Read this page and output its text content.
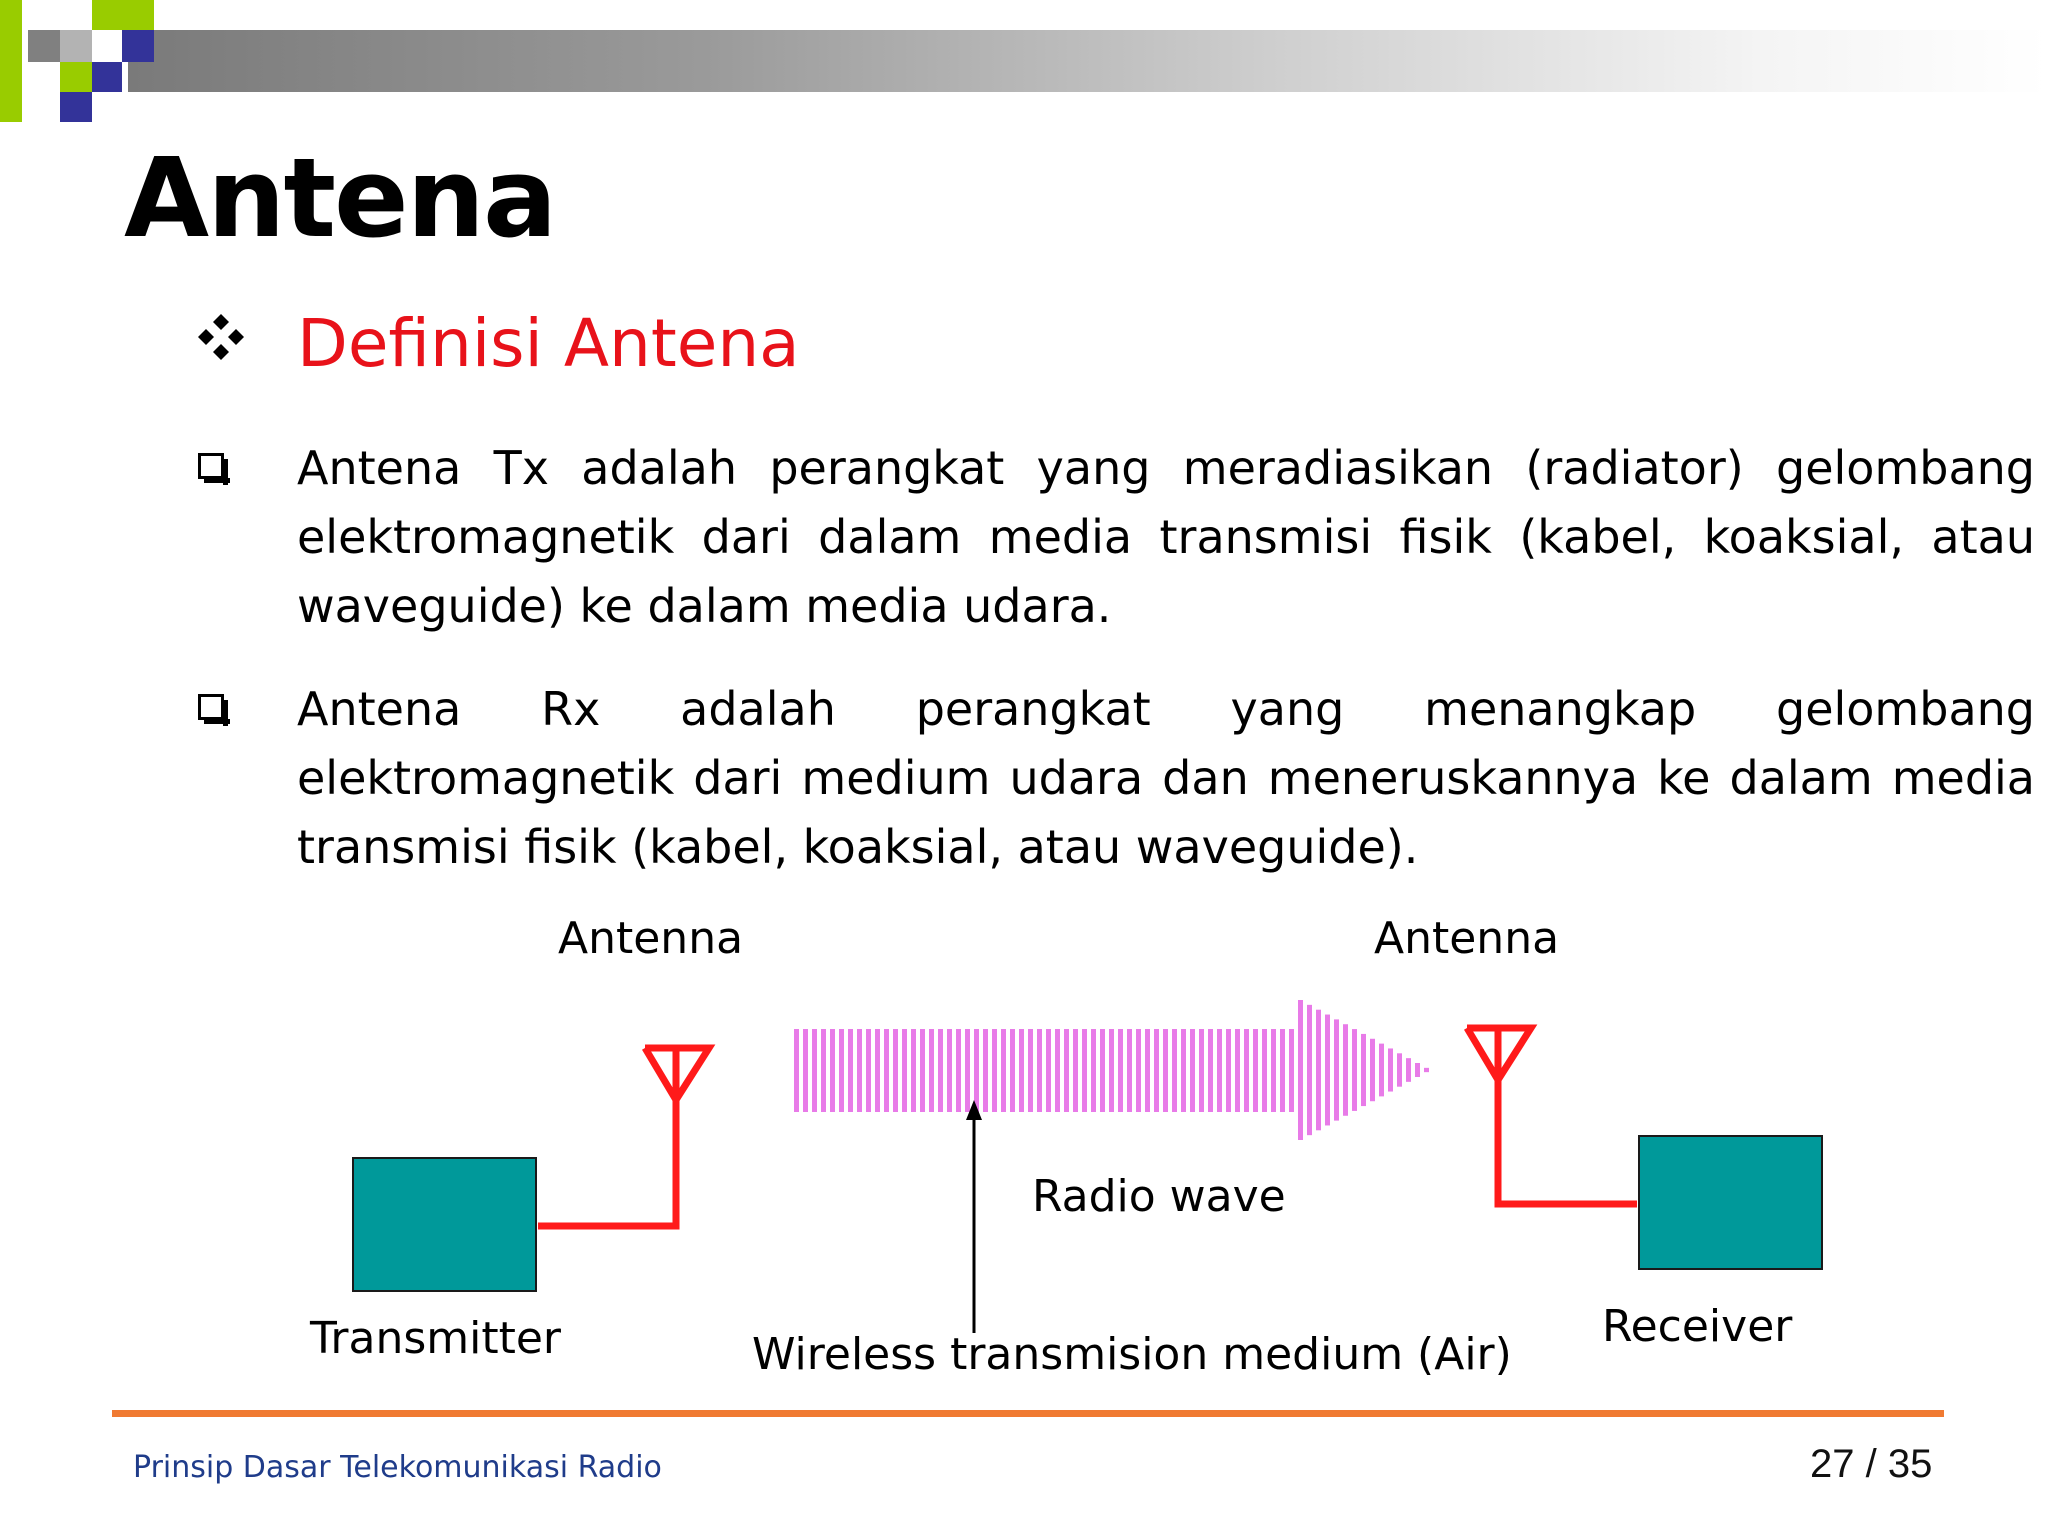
Antena
Definisi Antena
Antena Tx adalah perangkat yang meradiasikan (radiator) gelombang elektromagnetik dari dalam media transmisi fisik (kabel, koaksial, atau waveguide) ke dalam media udara.
Antena Rx adalah perangkat yang menangkap gelombang elektromagnetik dari medium udara dan meneruskannya ke dalam media transmisi fisik (kabel, koaksial, atau waveguide).
Antenna	Antenna
Radio wave
Transmitter	Receiver
Wireless transmision medium (Air)
Prinsip Dasar Telekomunikasi Radio	27 / 35
